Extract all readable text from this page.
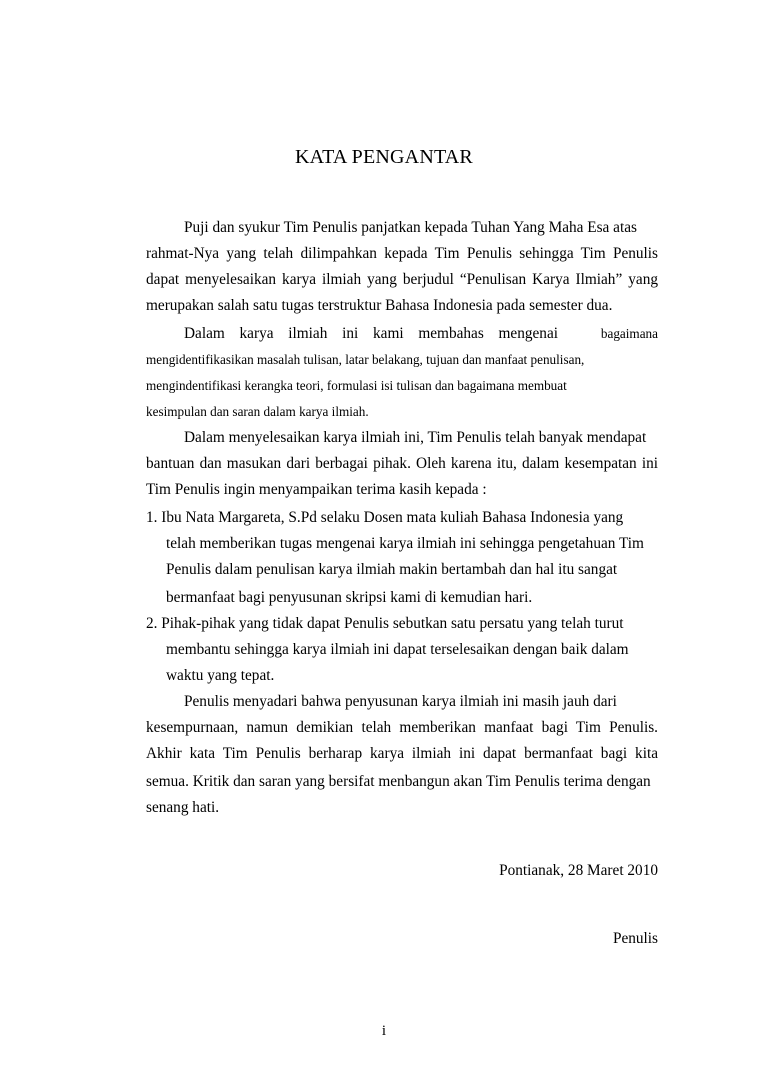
KATA PENGANTAR
Puji dan syukur Tim Penulis panjatkan kepada Tuhan Yang Maha Esa atas
rahmat-Nya yang telah dilimpahkan kepada Tim Penulis sehingga Tim Penulis
dapat menyelesaikan karya ilmiah yang berjudul “Penulisan Karya Ilmiah” yang
merupakan salah satu tugas terstruktur Bahasa Indonesia pada semester dua.
Dalam karya ilmiah ini kami membahas mengenai	bagaimana
mengidentifikasikan masalah tulisan, latar belakang, tujuan dan manfaat penulisan,
mengindentifikasi kerangka teori, formulasi isi tulisan dan bagaimana membuat
kesimpulan dan saran dalam karya ilmiah.
Dalam menyelesaikan karya ilmiah ini, Tim Penulis telah banyak mendapat
bantuan dan masukan dari berbagai pihak. Oleh karena itu, dalam kesempatan ini
Tim Penulis ingin menyampaikan terima kasih kepada :
1. Ibu Nata Margareta, S.Pd selaku Dosen mata kuliah Bahasa Indonesia yang
telah memberikan tugas mengenai karya ilmiah ini sehingga pengetahuan Tim
Penulis dalam penulisan karya ilmiah makin bertambah dan hal itu sangat
bermanfaat bagi penyusunan skripsi kami di kemudian hari.
2. Pihak-pihak yang tidak dapat Penulis sebutkan satu persatu yang telah turut
membantu sehingga karya ilmiah ini dapat terselesaikan dengan baik dalam
waktu yang tepat.
Penulis menyadari bahwa penyusunan karya ilmiah ini masih jauh dari
kesempurnaan, namun demikian telah memberikan manfaat bagi Tim Penulis.
Akhir kata Tim Penulis berharap karya ilmiah ini dapat bermanfaat bagi kita
semua. Kritik dan saran yang bersifat menbangun akan Tim Penulis terima dengan
senang hati.
Pontianak, 28 Maret 2010
Penulis
i
